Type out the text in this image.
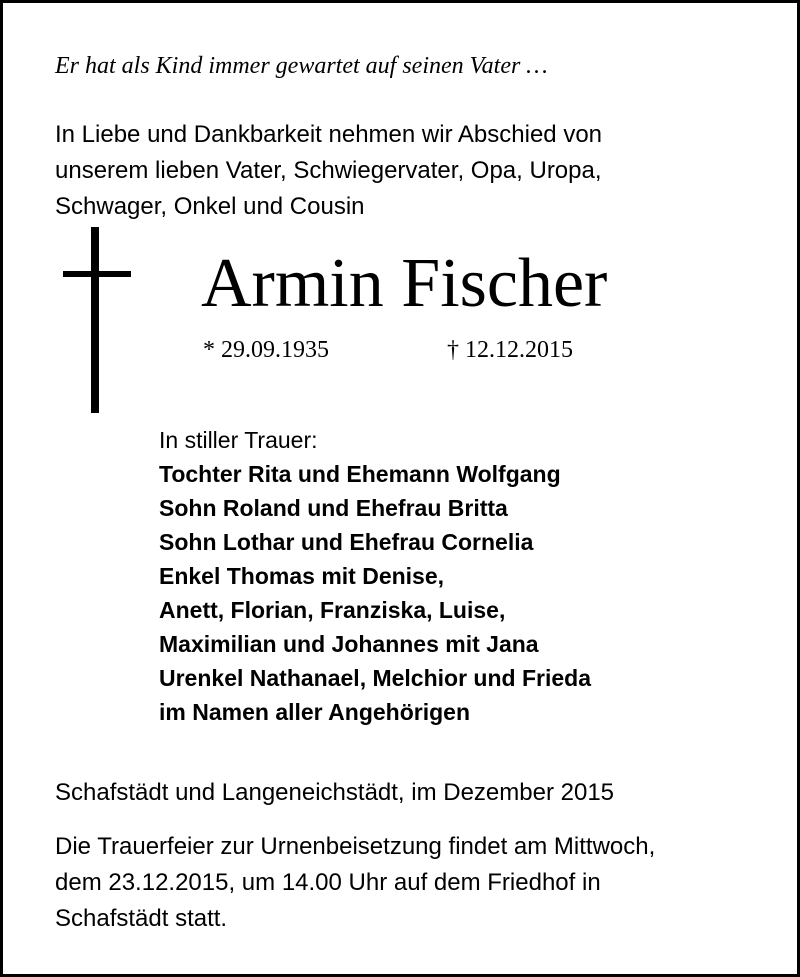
Er hat als Kind immer gewartet auf seinen Vater …
In Liebe und Dankbarkeit nehmen wir Abschied von
unserem lieben Vater, Schwiegervater, Opa, Uropa,
Schwager, Onkel und Cousin
Armin Fischer
* 29.09.1935	† 12.12.2015
In stiller Trauer:
Tochter Rita und Ehemann Wolfgang
Sohn Roland und Ehefrau Britta
Sohn Lothar und Ehefrau Cornelia
Enkel Thomas mit Denise,
Anett, Florian, Franziska, Luise,
Maximilian und Johannes mit Jana
Urenkel Nathanael, Melchior und Frieda
im Namen aller Angehörigen
Schafstädt und Langeneichstädt, im Dezember 2015
Die Trauerfeier zur Urnenbeisetzung findet am Mittwoch,
dem 23.12.2015, um 14.00 Uhr auf dem Friedhof in
Schafstädt statt.
